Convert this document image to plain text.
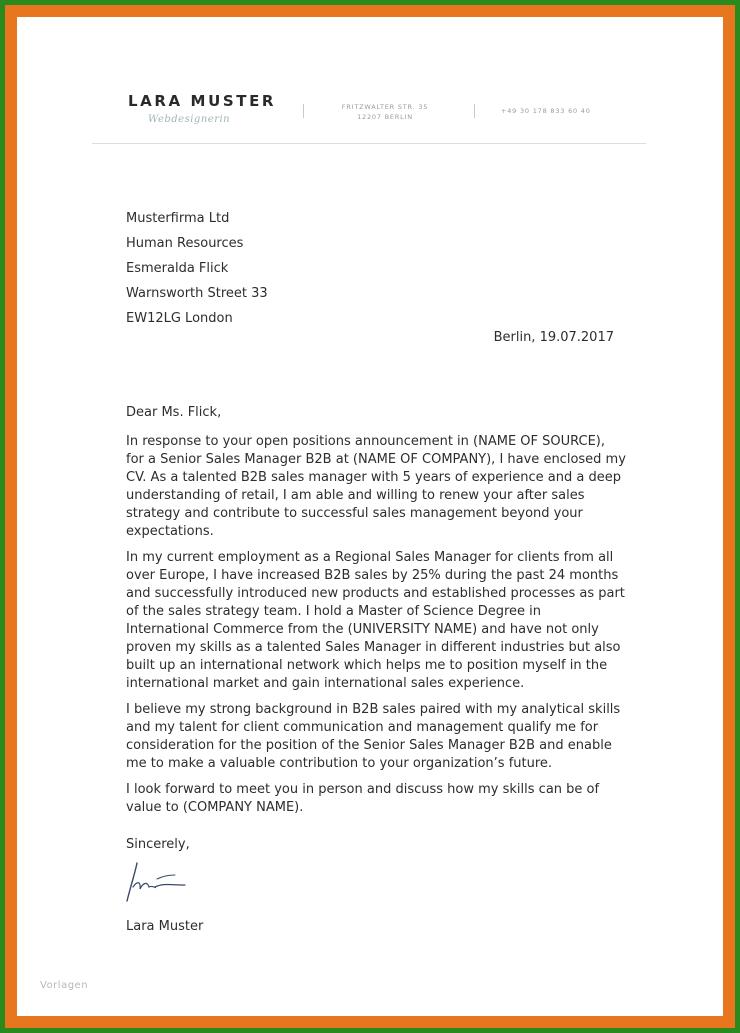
LARA MUSTER
Webdesignerin
FRITZWALTER STR. 35
12207 BERLIN
+49 30 178 833 60 40
Musterfirma Ltd
Human Resources
Esmeralda Flick
Warnsworth Street 33
EW12LG London
Berlin, 19.07.2017
Dear Ms. Flick,

In response to your open positions announcement in (NAME OF SOURCE), for a Senior Sales Manager B2B at (NAME OF COMPANY), I have enclosed my CV. As a talented B2B sales manager with 5 years of experience and a deep understanding of retail, I am able and willing to renew your after sales strategy and contribute to successful sales management beyond your expectations.

In my current employment as a Regional Sales Manager for clients from all over Europe, I have increased B2B sales by 25% during the past 24 months and successfully introduced new products and established processes as part of the sales strategy team. I hold a Master of Science Degree in International Commerce from the (UNIVERSITY NAME) and have not only proven my skills as a talented Sales Manager in different industries but also built up an international network which helps me to position myself in the international market and gain international sales experience.

I believe my strong background in B2B sales paired with my analytical skills and my talent for client communication and management qualify me for consideration for the position of the Senior Sales Manager B2B and enable me to make a valuable contribution to your organization’s future.

I look forward to meet you in person and discuss how my skills can be of value to (COMPANY NAME).

Sincerely,
Lara Muster
Vorlagen
